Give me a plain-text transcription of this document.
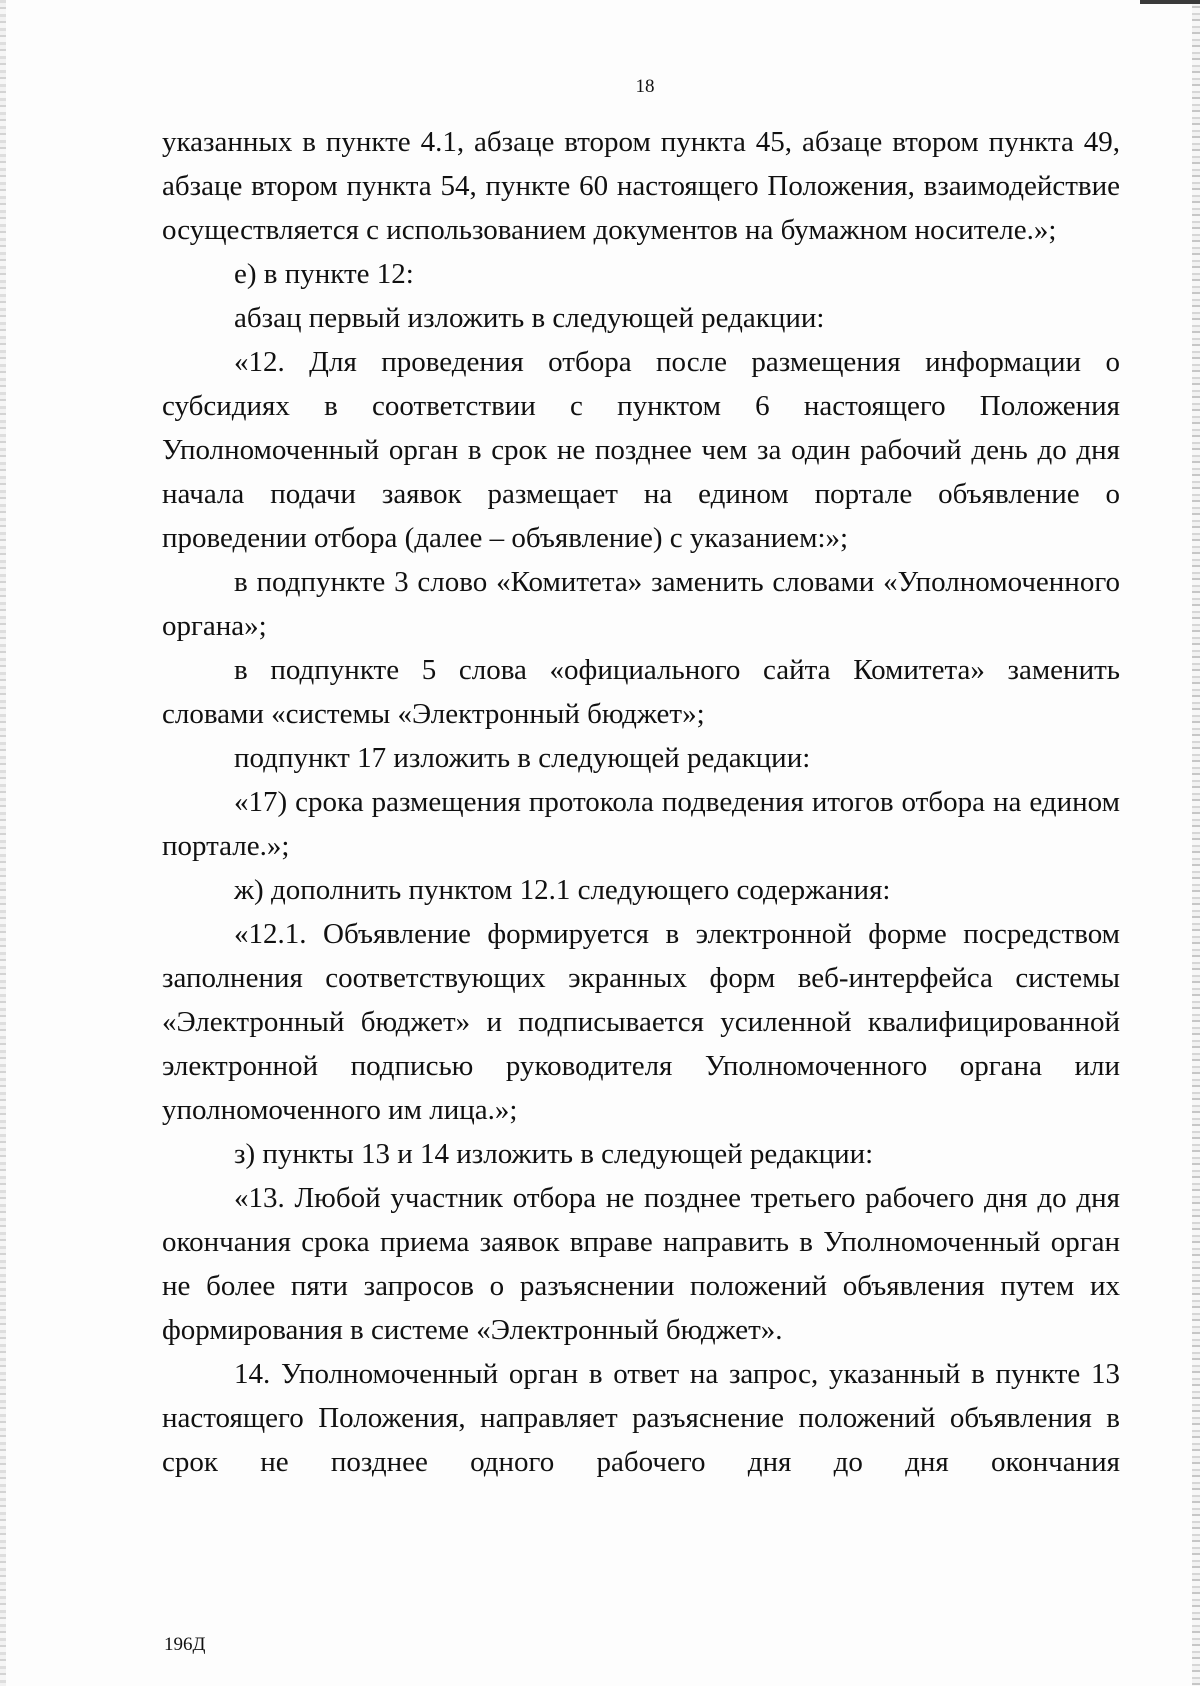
18

указанных в пункте 4.1, абзаце втором пункта 45, абзаце втором пункта 49, абзаце втором пункта 54, пункте 60 настоящего Положения, взаимодействие осуществляется с использованием документов на бумажном носителе.»;

е) в пункте 12:

абзац первый изложить в следующей редакции:

«12. Для проведения отбора после размещения информации о субсидиях в соответствии с пунктом 6 настоящего Положения Уполномоченный орган в срок не позднее чем за один рабочий день до дня начала подачи заявок размещает на едином портале объявление о проведении отбора (далее – объявление) с указанием:»;

в подпункте 3 слово «Комитета» заменить словами «Уполномоченного органа»;

в подпункте 5 слова «официального сайта Комитета» заменить словами «системы «Электронный бюджет»;

подпункт 17 изложить в следующей редакции:

«17) срока размещения протокола подведения итогов отбора на едином портале.»;

ж) дополнить пунктом 12.1 следующего содержания:

«12.1. Объявление формируется в электронной форме посредством заполнения соответствующих экранных форм веб-интерфейса системы «Электронный бюджет» и подписывается усиленной квалифицированной электронной подписью руководителя Уполномоченного органа или уполномоченного им лица.»;

з) пункты 13 и 14 изложить в следующей редакции:

«13. Любой участник отбора не позднее третьего рабочего дня до дня окончания срока приема заявок вправе направить в Уполномоченный орган не более пяти запросов о разъяснении положений объявления путем их формирования в системе «Электронный бюджет».

14. Уполномоченный орган в ответ на запрос, указанный в пункте 13 настоящего Положения, направляет разъяснение положений объявления в срок не позднее одного рабочего дня до дня окончания

196Д
